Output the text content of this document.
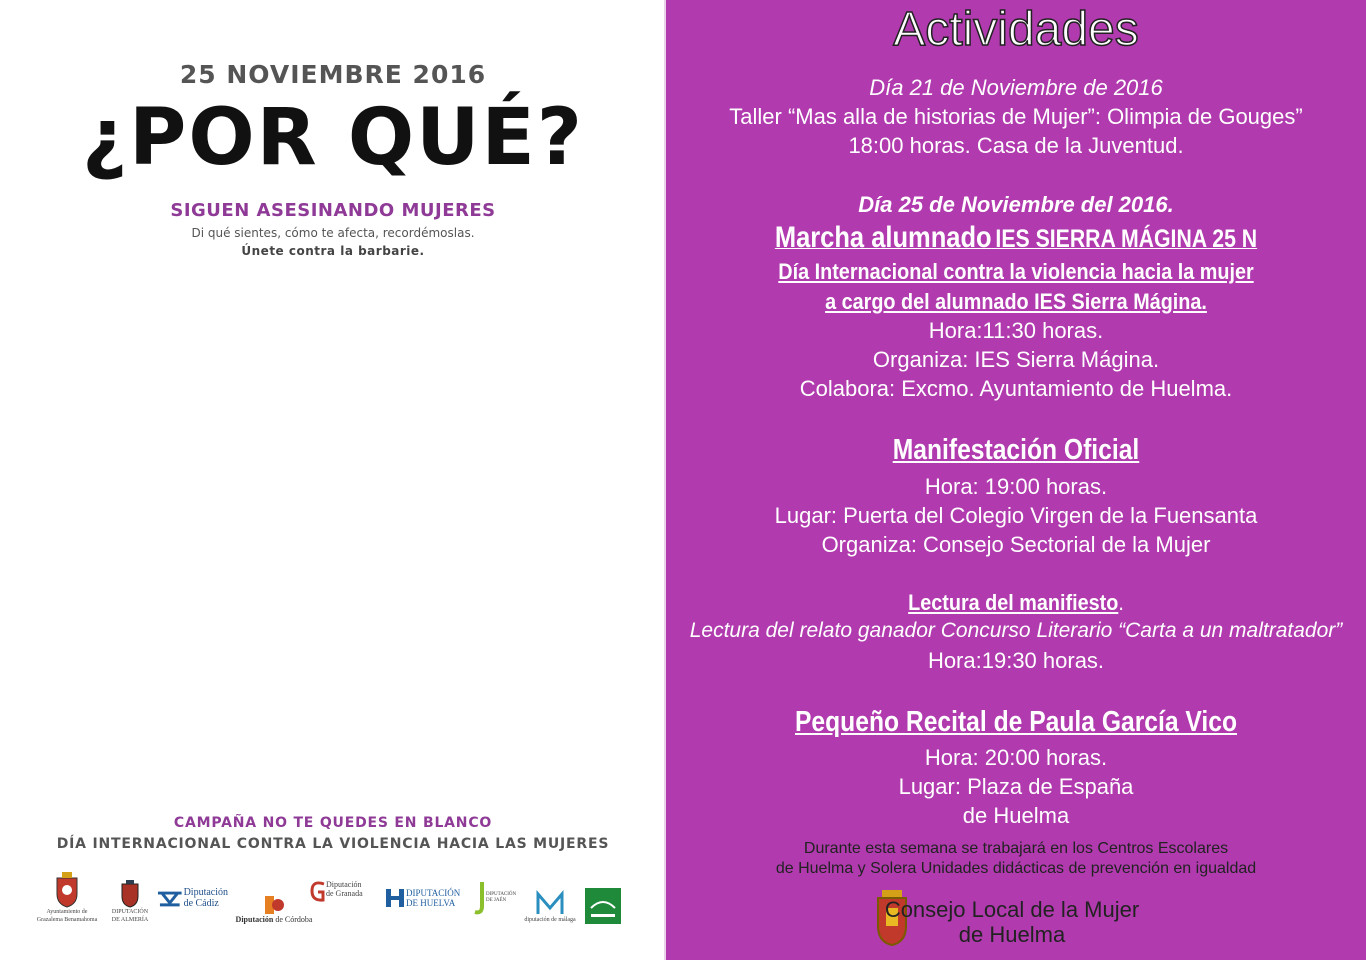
25 NOVIEMBRE 2016
¿POR QUÉ?
SIGUEN ASESINANDO MUJERES
Di qué sientes, cómo te afecta, recordémoslas.
Únete contra la barbarie.
CAMPAÑA NO TE QUEDES EN BLANCO
DÍA INTERNACIONAL CONTRA LA VIOLENCIA HACIA LAS MUJERES
Ayuntamiento de
Grazalema Benamahoma
DIPUTACIÓN
DE ALMERÍA
Diputación
de Cádiz
Diputación de Córdoba
Diputación
de Granada	DIPUTACIÓN
DE HUELVA
DIPUTACIÓN
DE JAÉN
diputación de málaga
Actividades
Día 21 de Noviembre de 2016
Taller “Mas alla de historias de Mujer”: Olimpia de Gouges”
18:00 horas. Casa de la Juventud.
Día 25 de Noviembre del 2016.
Marcha alumnado IES SIERRA MÁGINA 25 N
Día Internacional contra la violencia hacia la mujer
a cargo del alumnado IES Sierra Mágina.
Hora:11:30 horas.
Organiza: IES Sierra Mágina.
Colabora: Excmo. Ayuntamiento de Huelma.
Manifestación Oficial
Hora: 19:00 horas.
Lugar: Puerta del Colegio Virgen de la Fuensanta
Organiza: Consejo Sectorial de la Mujer
Lectura del manifiesto.
Lectura del relato ganador Concurso Literario “Carta a un maltratador”
Hora:19:30 horas.
Pequeño Recital de Paula García Vico
Hora: 20:00 horas.
Lugar: Plaza de España
de Huelma
Durante esta semana se trabajará en los Centros Escolares
de Huelma y Solera Unidades didácticas de prevención en igualdad
Consejo Local de la Mujer
de Huelma
